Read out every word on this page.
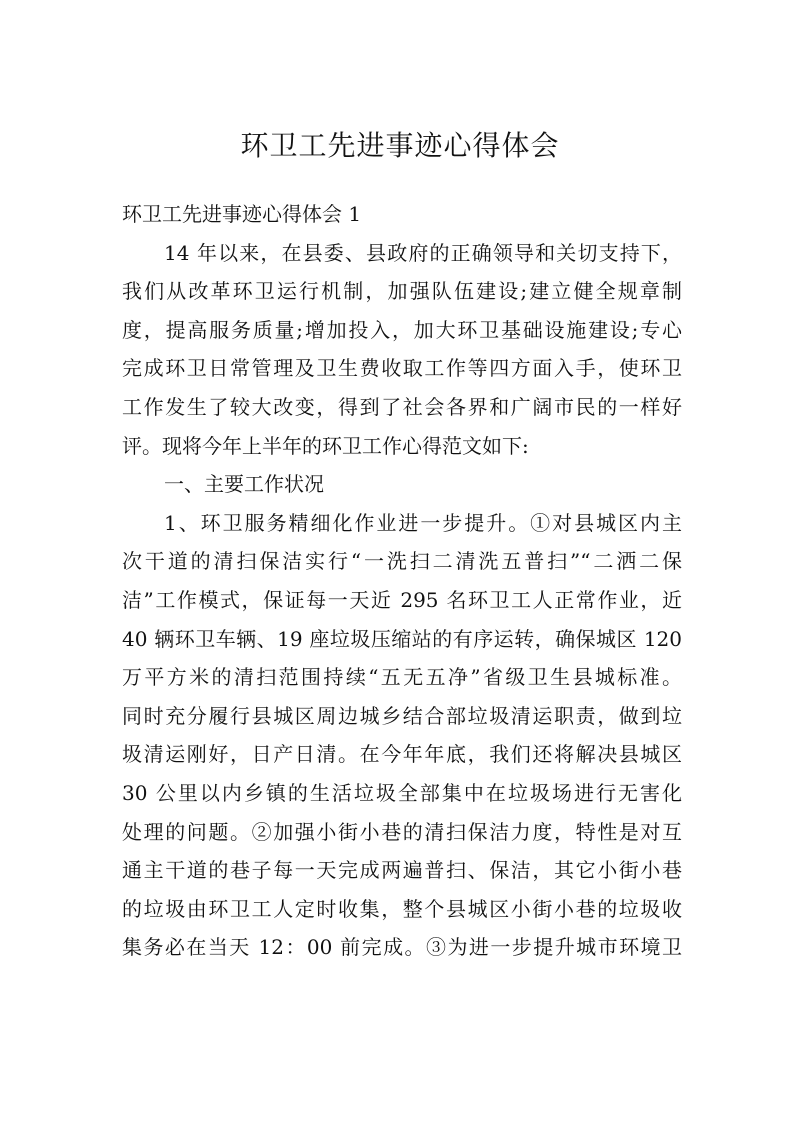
环卫工先进事迹心得体会
环卫工先进事迹心得体会 1
14 年以来，在县委、县政府的正确领导和关切支持下，
我们从改革环卫运行机制，加强队伍建设;建立健全规章制
度，提高服务质量;增加投入，加大环卫基础设施建设;专心
完成环卫日常管理及卫生费收取工作等四方面入手，使环卫
工作发生了较大改变，得到了社会各界和广阔市民的一样好
评。现将今年上半年的环卫工作心得范文如下:
一、主要工作状况
1、环卫服务精细化作业进一步提升。①对县城区内主
次干道的清扫保洁实行“一洗扫二清洗五普扫”“二洒二保
洁”工作模式，保证每一天近 295 名环卫工人正常作业，近
40 辆环卫车辆、19 座垃圾压缩站的有序运转，确保城区 120
万平方米的清扫范围持续“五无五净”省级卫生县城标准。
同时充分履行县城区周边城乡结合部垃圾清运职责，做到垃
圾清运刚好，日产日清。在今年年底，我们还将解决县城区
30 公里以内乡镇的生活垃圾全部集中在垃圾场进行无害化
处理的问题。②加强小街小巷的清扫保洁力度，特性是对互
通主干道的巷子每一天完成两遍普扫、保洁，其它小街小巷
的垃圾由环卫工人定时收集，整个县城区小街小巷的垃圾收
集务必在当天 12：00 前完成。③为进一步提升城市环境卫
